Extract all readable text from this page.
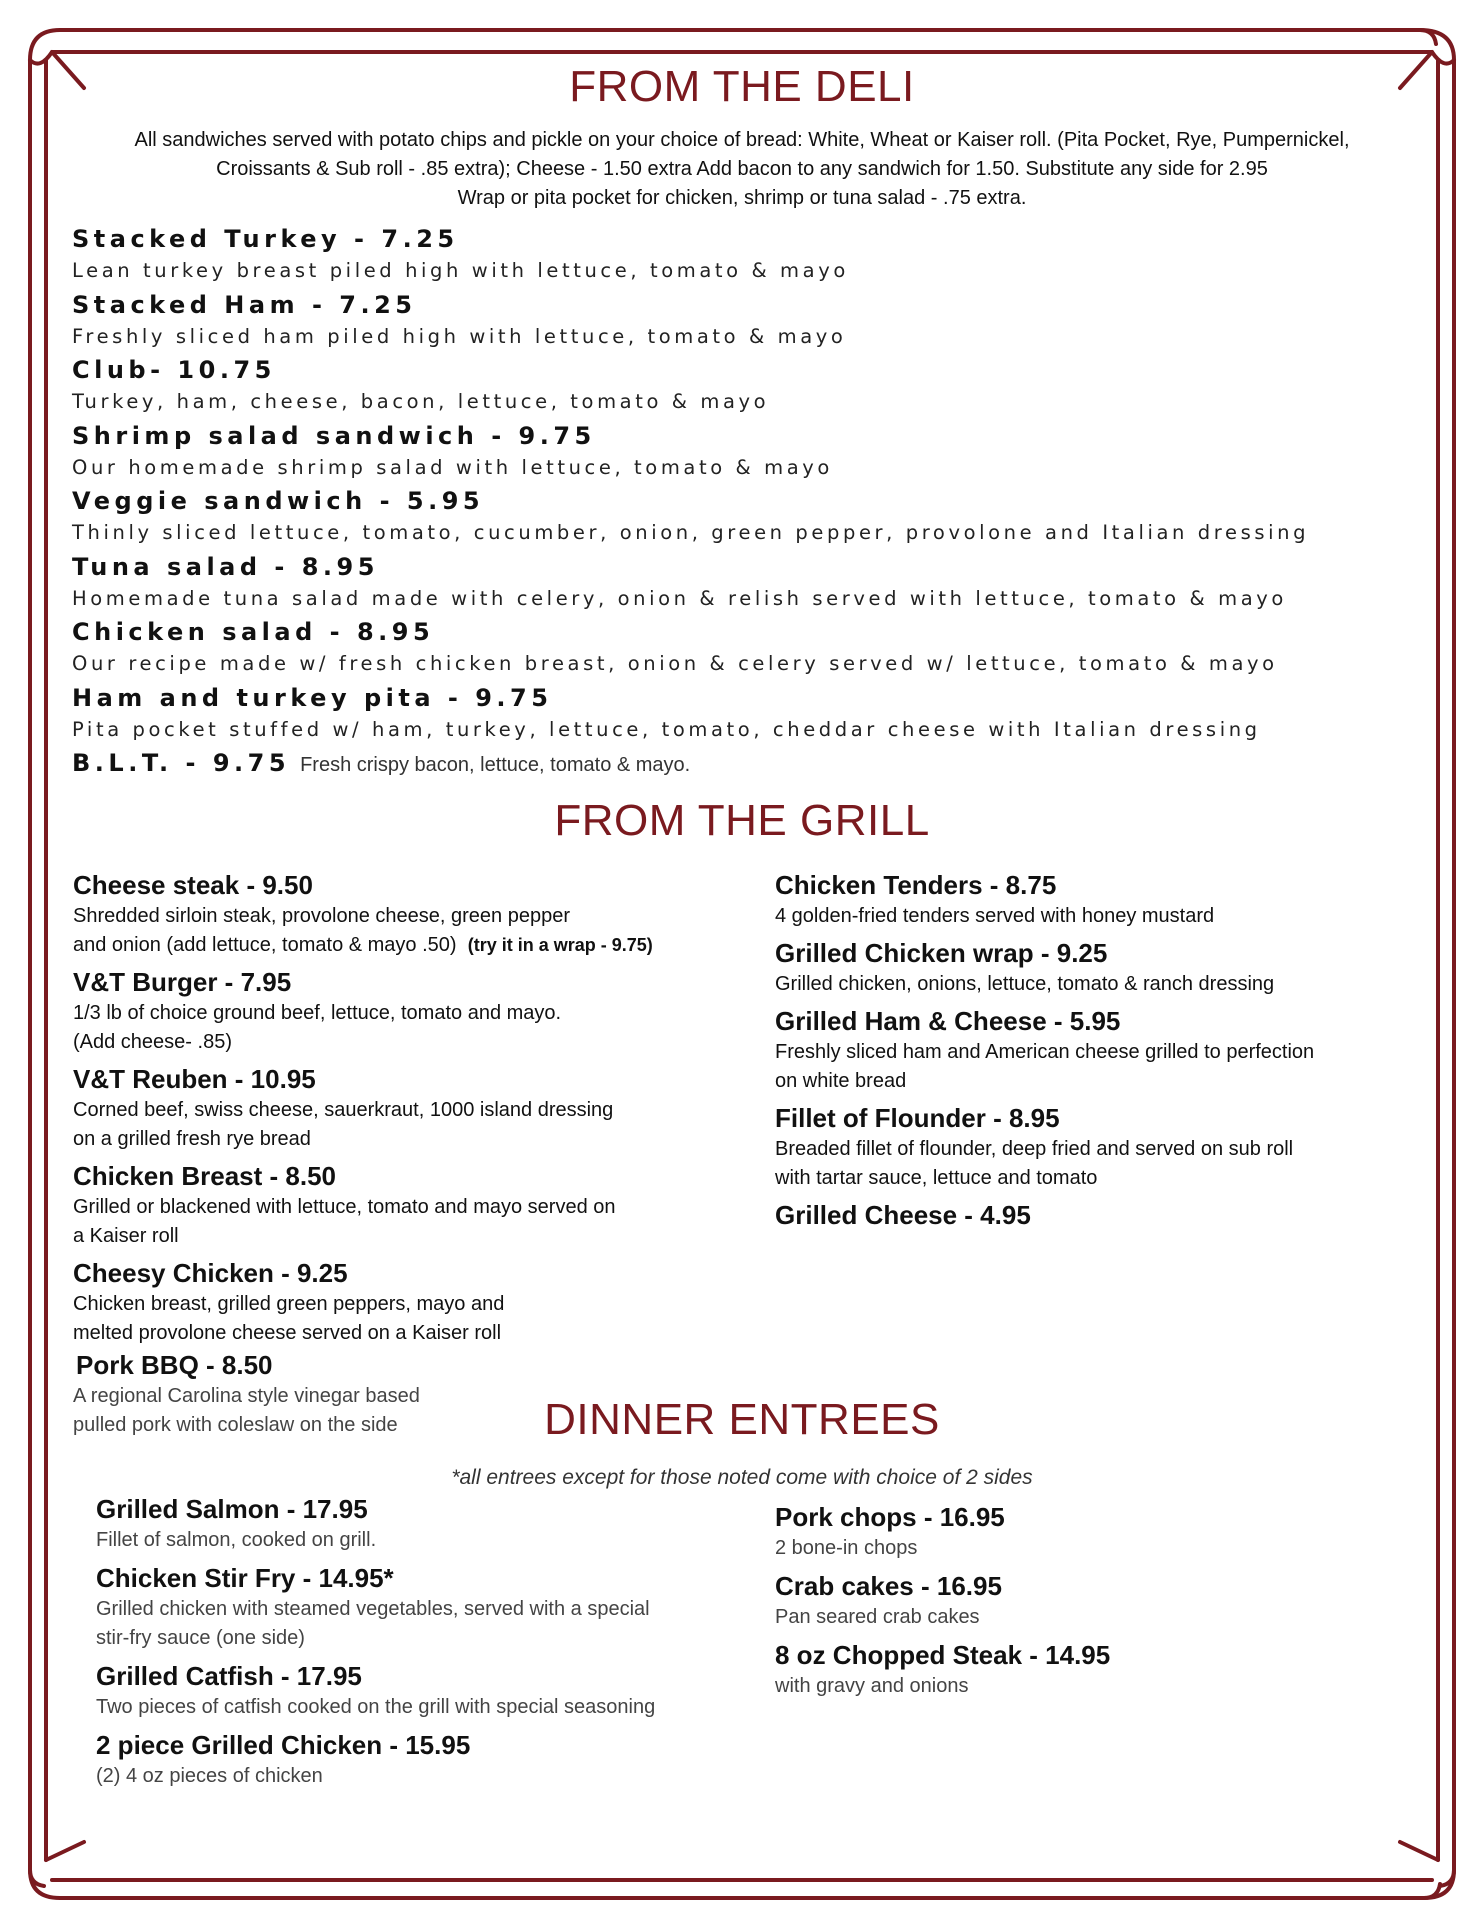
FROM THE DELI
All sandwiches served with potato chips and pickle on your choice of bread: White, Wheat or Kaiser roll. (Pita Pocket, Rye, Pumpernickel,
Croissants & Sub roll - .85 extra); Cheese - 1.50 extra Add bacon to any sandwich for 1.50. Substitute any side for 2.95
Wrap or pita pocket for chicken, shrimp or tuna salad - .75 extra.
Stacked Turkey - 7.25
Lean turkey breast piled high with lettuce, tomato & mayo
Stacked Ham - 7.25
Freshly sliced ham piled high with lettuce, tomato & mayo
Club- 10.75
Turkey, ham, cheese, bacon, lettuce, tomato & mayo
Shrimp salad sandwich - 9.75
Our homemade shrimp salad with lettuce, tomato & mayo
Veggie sandwich - 5.95
Thinly sliced lettuce, tomato, cucumber, onion, green pepper, provolone and Italian dressing
Tuna salad - 8.95
Homemade tuna salad made with celery, onion & relish served with lettuce, tomato & mayo
Chicken salad - 8.95
Our recipe made w/ fresh chicken breast, onion & celery served w/ lettuce, tomato & mayo
Ham and turkey pita - 9.75
Pita pocket stuffed w/ ham, turkey, lettuce, tomato, cheddar cheese with Italian dressing
B.L.T. - 9.75 Fresh crispy bacon, lettuce, tomato & mayo.
FROM THE GRILL
Cheese steak - 9.50
Shredded sirloin steak, provolone cheese, green pepper
and onion (add lettuce, tomato & mayo .50) (try it in a wrap - 9.75)
V&T Burger - 7.95
1/3 lb of choice ground beef, lettuce, tomato and mayo.
(Add cheese- .85)
V&T Reuben - 10.95
Corned beef, swiss cheese, sauerkraut, 1000 island dressing
on a grilled fresh rye bread
Chicken Breast - 8.50
Grilled or blackened with lettuce, tomato and mayo served on
a Kaiser roll
Cheesy Chicken - 9.25
Chicken breast, grilled green peppers, mayo and
melted provolone cheese served on a Kaiser roll
Pork BBQ - 8.50
A regional Carolina style vinegar based
pulled pork with coleslaw on the side
Chicken Tenders - 8.75
4 golden-fried tenders served with honey mustard
Grilled Chicken wrap - 9.25
Grilled chicken, onions, lettuce, tomato & ranch dressing
Grilled Ham & Cheese - 5.95
Freshly sliced ham and American cheese grilled to perfection
on white bread
Fillet of Flounder - 8.95
Breaded fillet of flounder, deep fried and served on sub roll
with tartar sauce, lettuce and tomato
Grilled Cheese - 4.95
DINNER ENTREES
*all entrees except for those noted come with choice of 2 sides
Grilled Salmon - 17.95
Fillet of salmon, cooked on grill.
Chicken Stir Fry - 14.95*
Grilled chicken with steamed vegetables, served with a special
stir-fry sauce (one side)
Grilled Catfish - 17.95
Two pieces of catfish cooked on the grill with special seasoning
2 piece Grilled Chicken - 15.95
(2) 4 oz pieces of chicken
Pork chops - 16.95
2 bone-in chops
Crab cakes - 16.95
Pan seared crab cakes
8 oz Chopped Steak - 14.95
with gravy and onions
